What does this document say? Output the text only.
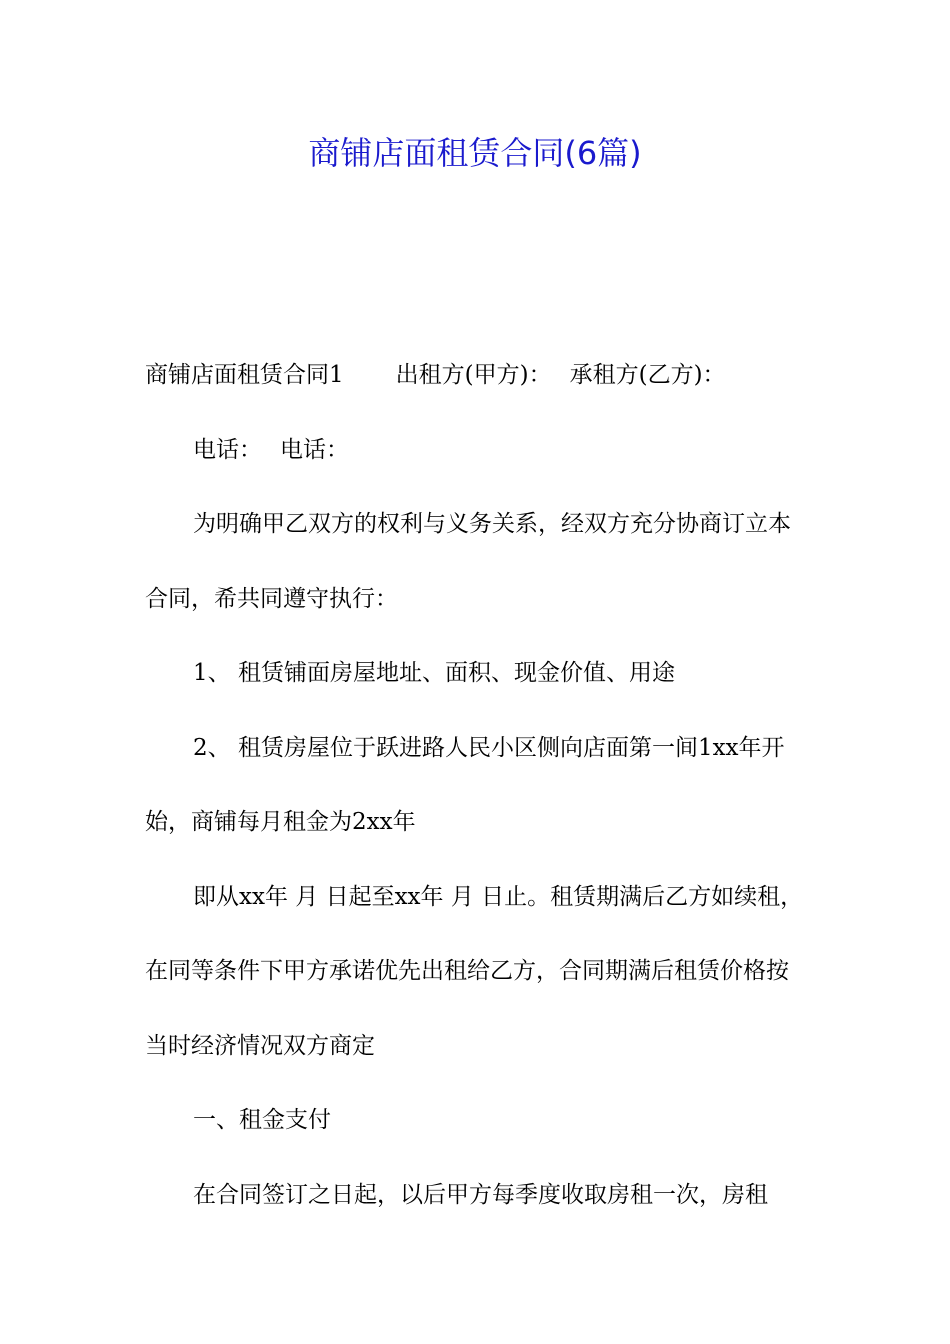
商铺店面租赁合同(6篇)

商铺店面租赁合同1 出租方(甲方)： 承租方(乙方)：

电话： 电话：

为明确甲乙双方的权利与义务关系，经双方充分协商订立本合同，希共同遵守执行：

1、 租赁铺面房屋地址、面积、现金价值、用途

2、 租赁房屋位于跃进路人民小区侧向店面第一间1xx年开始，商铺每月租金为2xx年

即从xx年 月 日起至xx年 月 日止。租赁期满后乙方如续租，在同等条件下甲方承诺优先出租给乙方，合同期满后租赁价格按当时经济情况双方商定

一、租金支付

在合同签订之日起，以后甲方每季度收取房租一次，房租
